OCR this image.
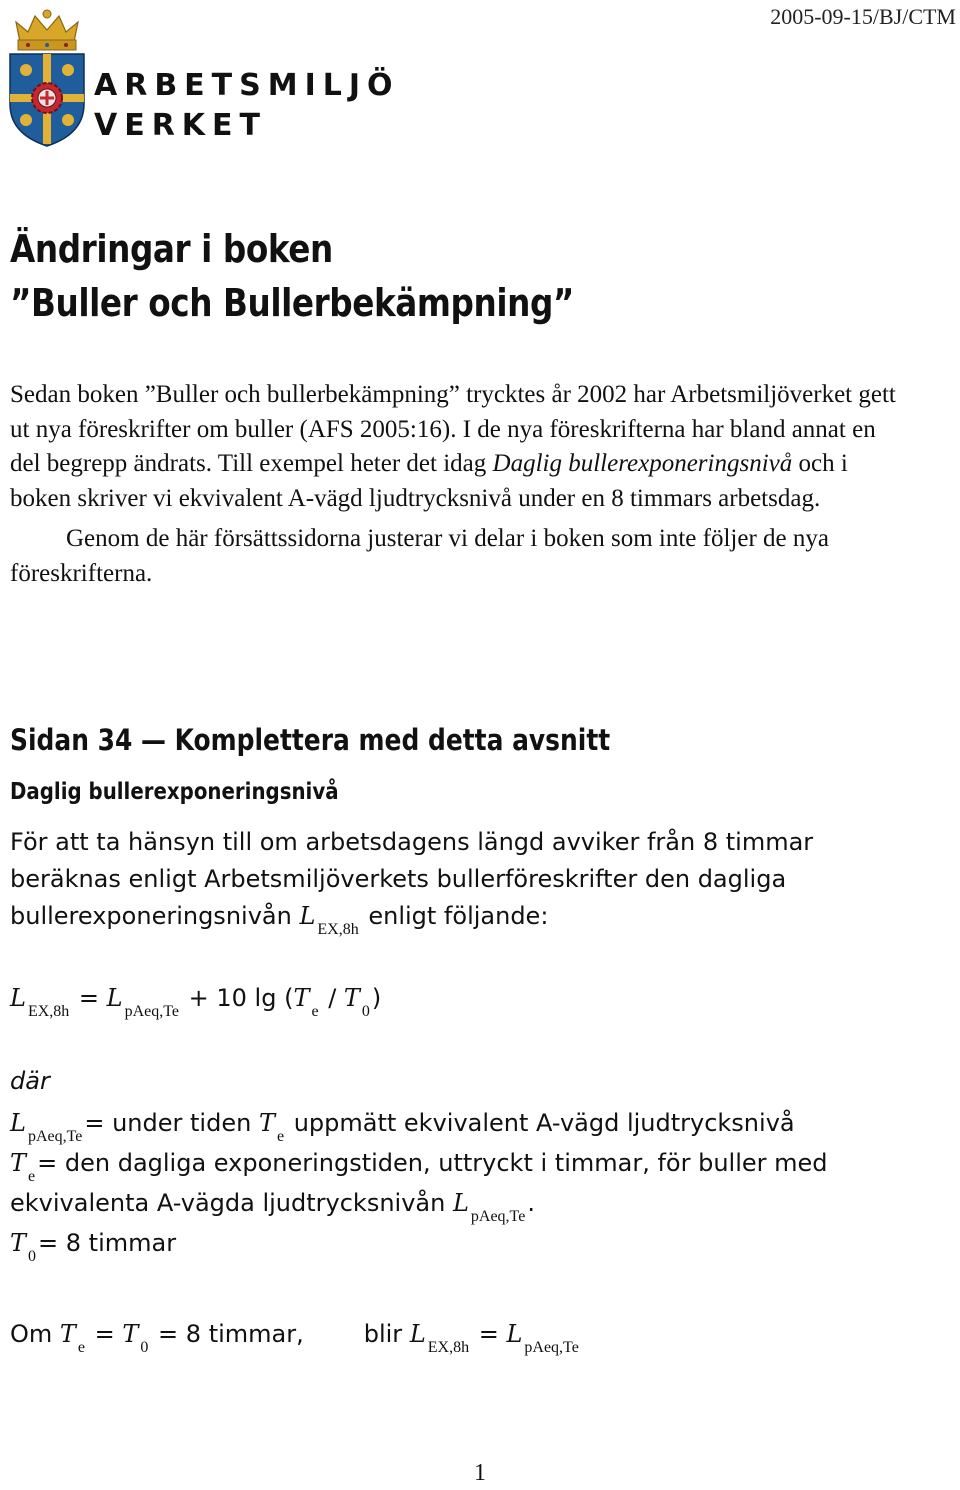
2005-09-15/BJ/CTM
ARBETSMILJÖ
VERKET
Ändringar i boken
”Buller och Bullerbekämpning”

Sedan boken ”Buller och bullerbekämpning” trycktes år 2002 har Arbetsmiljöverket gett ut nya föreskrifter om buller (AFS 2005:16). I de nya föreskrifterna har bland annat en del begrepp ändrats. Till exempel heter det idag Daglig bullerexponeringsnivå och i boken skriver vi ekvivalent A-vägd ljudtrycksnivå under en 8 timmars arbetsdag.

Genom de här försättssidorna justerar vi delar i boken som inte följer de nya föreskrifterna.

Sidan 34 — Komplettera med detta avsnitt
Daglig bullerexponeringsnivå

För att ta hänsyn till om arbetsdagens längd avviker från 8 timmar beräknas enligt Arbetsmiljöverkets bullerföreskrifter den dagliga bullerexponeringsnivån L $_{EX,8h}$ enligt följande:

L $_{EX,8h}$ = L $_{pAeq,Te}$ + 10 lg (T $_e$ / T $_0$)
där

L $_{pAeq,Te}$= under tiden T $_e$ uppmätt ekvivalent A-vägd ljudtrycksnivå

T $_e$= den dagliga exponeringstiden, uttryckt i timmar, för buller med ekvivalenta A-vägda ljudtrycksnivån L $_{pAeq,Te}$.

T $_0$= 8 timmar

Om T $_e$ = T $_0$ = 8 timmar,	blir L $_{EX,8h}$ = L $_{pAeq,Te}$
1
